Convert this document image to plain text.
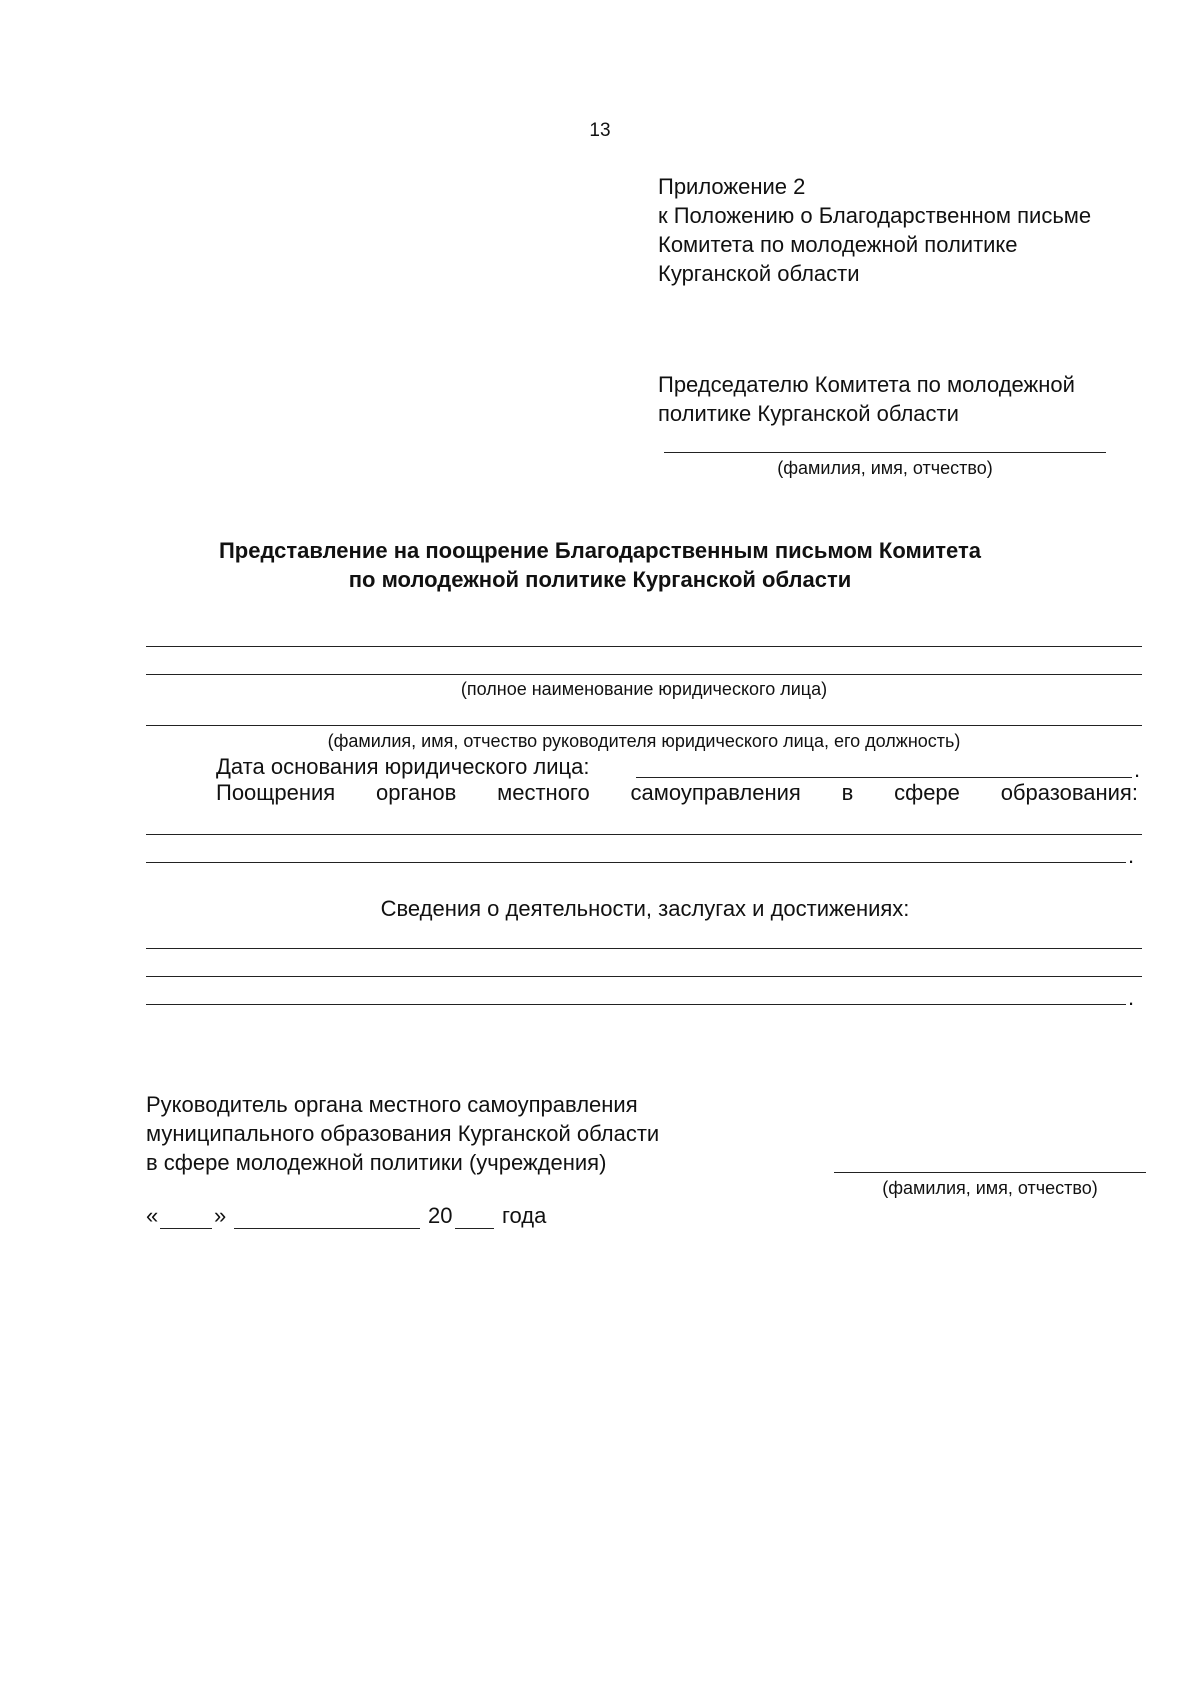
13
Приложение 2
к Положению о Благодарственном письме
Комитета по молодежной политике
Курганской области
Председателю Комитета по молодежной
политике Курганской области
(фамилия, имя, отчество)
Представление на поощрение Благодарственным письмом Комитета
по молодежной политике Курганской области
(полное наименование юридического лица)
(фамилия, имя, отчество руководителя юридического лица, его должность)
Дата основания юридического лица:	.
Поощрения органов местного самоуправления в сфере образования:
.
Сведения о деятельности, заслугах и достижениях:
.
Руководитель органа местного самоуправления
муниципального образования Курганской области
в сфере молодежной политики (учреждения)
(фамилия, имя, отчество)
«	»	20 года
